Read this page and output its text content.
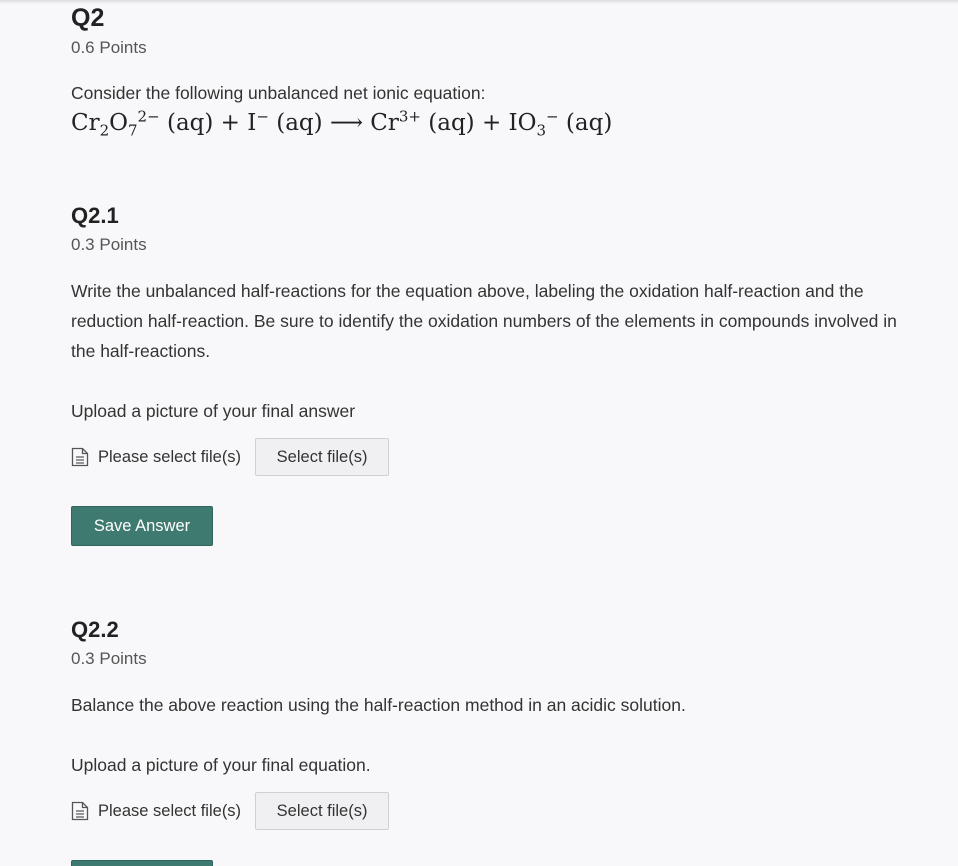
Q2
0.6 Points
Consider the following unbalanced net ionic equation:
$Cr_2O_7^{2-}$ (aq) + I− (aq) ⟶ $Cr^{3+}$ $(aq) + IO_3^-$ (aq)
Q2.1
0.3 Points
Write the unbalanced half-reactions for the equation above, labeling the oxidation half-reaction and the reduction half-reaction. Be sure to identify the oxidation numbers of the elements in compounds involved in the half-reactions.
Upload a picture of your final answer
Please select file(s)	Select file(s)
Save Answer
Q2.2
0.3 Points
Balance the above reaction using the half-reaction method in an acidic solution.
Upload a picture of your final equation.
Please select file(s)	Select file(s)
